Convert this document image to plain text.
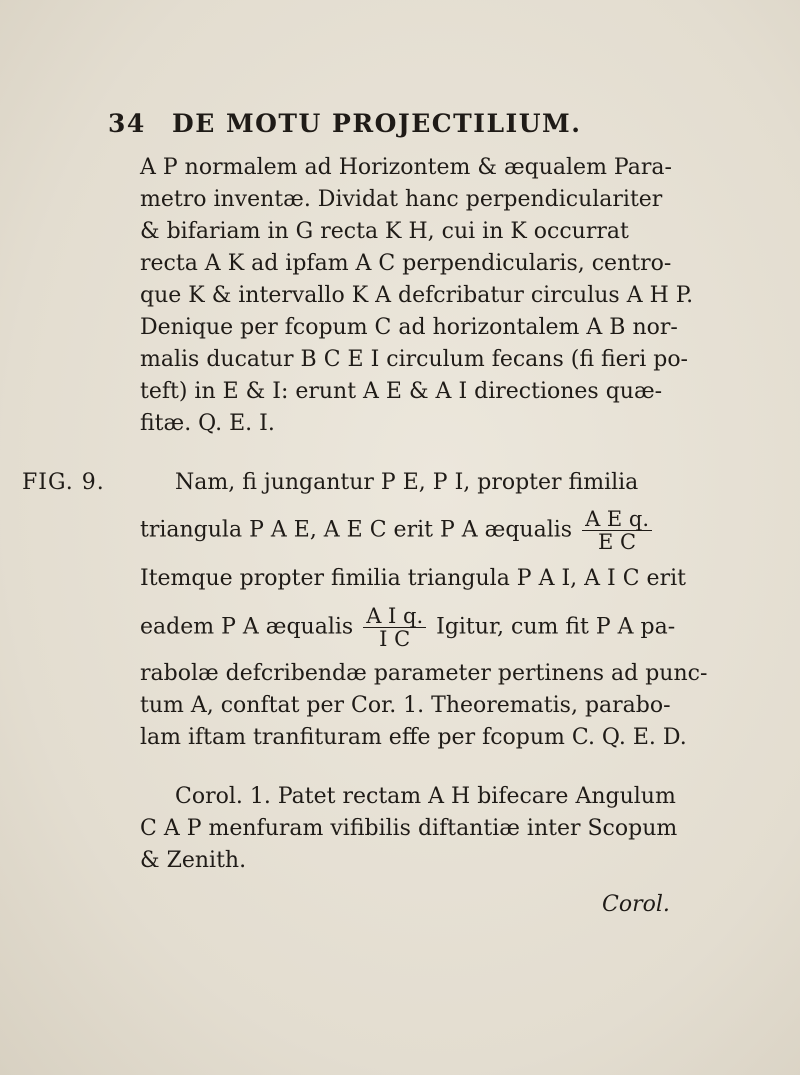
34 DE MOTU PROJECTILIUM.
A P normalem ad Horizontem & æqualem Para-
metro inventæ. Dividat hanc perpendiculariter
& bifariam in G recta K H, cui in K occurrat
recta A K ad ipfam A C perpendicularis, centro-
que K & intervallo K A defcribatur circulus A H P.
Denique per fcopum C ad horizontalem A B nor-
malis ducatur B C E I circulum fecans (fi fieri po-
teft) in E & I: erunt A E & A I directiones quæ-
fitæ. Q. E. I.
FIG. 9.	Nam, fi jungantur P E, P I, propter fimilia
triangula P A E, A E C erit P A æqualis $\frac{\text{A E q.}}{\text{E C}}$
Itemque propter fimilia triangula P A I, A I C erit
eadem P A æqualis $\frac{\text{A I q.}}{\text{I C}}$ Igitur, cum fit P A pa-
rabolæ defcribendæ parameter pertinens ad punc-
tum A, conftat per Cor. 1. Theorematis, parabo-
lam iftam tranfituram effe per fcopum C. Q. E. D.
Corol. 1. Patet rectam A H bifecare Angulum
C A P menfuram vifibilis diftantiæ inter Scopum
& Zenith.
Corol.
